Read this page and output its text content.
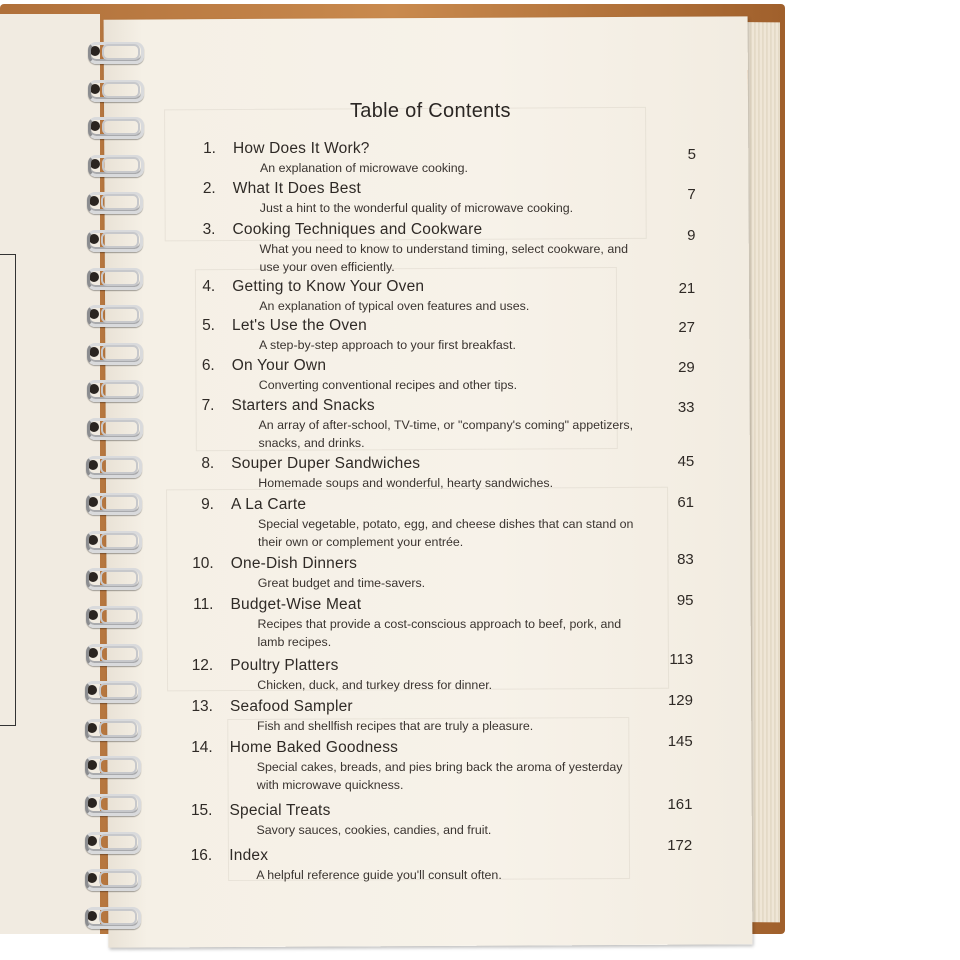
Table of Contents
1. How Does It Work?
An explanation of microwave cooking.
5
2. What It Does Best
Just a hint to the wonderful quality of microwave cooking.
7
3. Cooking Techniques and Cookware
What you need to know to understand timing, select cookware, and use your oven efficiently.
9
4. Getting to Know Your Oven
An explanation of typical oven features and uses.
21
5. Let's Use the Oven
A step-by-step approach to your first breakfast.
27
6. On Your Own
Converting conventional recipes and other tips.
29
7. Starters and Snacks
An array of after-school, TV-time, or "company's coming" appetizers, snacks, and drinks.
33
8. Souper Duper Sandwiches
Homemade soups and wonderful, hearty sandwiches.
45
9. A La Carte
Special vegetable, potato, egg, and cheese dishes that can stand on their own or complement your entrée.
61
10. One-Dish Dinners
Great budget and time-savers.
83
11. Budget-Wise Meat
Recipes that provide a cost-conscious approach to beef, pork, and lamb recipes.
95
12. Poultry Platters
Chicken, duck, and turkey dress for dinner.
113
13. Seafood Sampler
Fish and shellfish recipes that are truly a pleasure.
129
14. Home Baked Goodness
Special cakes, breads, and pies bring back the aroma of yesterday with microwave quickness.
145
15. Special Treats
Savory sauces, cookies, candies, and fruit.
161
16. Index
A helpful reference guide you'll consult often.
172
